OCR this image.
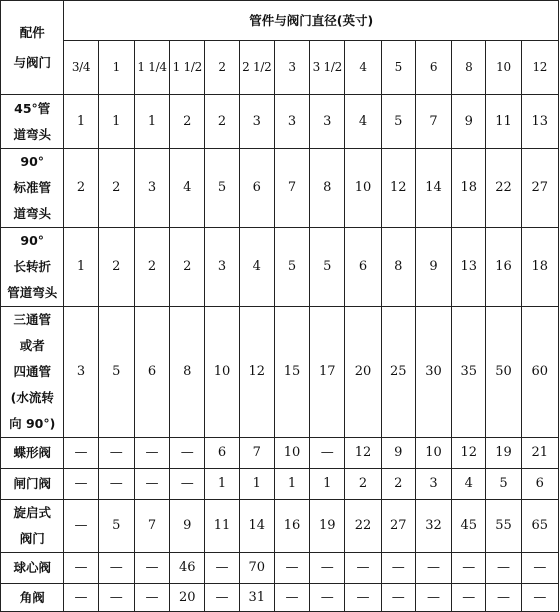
配件
与阀门	管件与阀门直径(英寸)													
	3/4	1	1 1/4	1 1/2	2	2 1/2	3	3 1/2	4	5	6	8	10	12
45°管
道弯头	1	1	1	2	2	3	3	3	4	5	7	9	11	13
90°
标准管
道弯头	2	2	3	4	5	6	7	8	10	12	14	18	22	27
90°
长转折
管道弯头	1	2	2	2	3	4	5	5	6	8	9	13	16	18
三通管
或者
四通管
(水流转
向 90°)	3	5	6	8	10	12	15	17	20	25	30	35	50	60
蝶形阀	—	—	—	—	6	7	10	—	12	9	10	12	19	21
闸门阀	—	—	—	—	1	1	1	1	2	2	3	4	5	6
旋启式
阀门	—	5	7	9	11	14	16	19	22	27	32	45	55	65
球心阀	—	—	—	46	—	70	—	—	—	—	—	—	—	—
角阀	—	—	—	20	—	31	—	—	—	—	—	—	—	—
